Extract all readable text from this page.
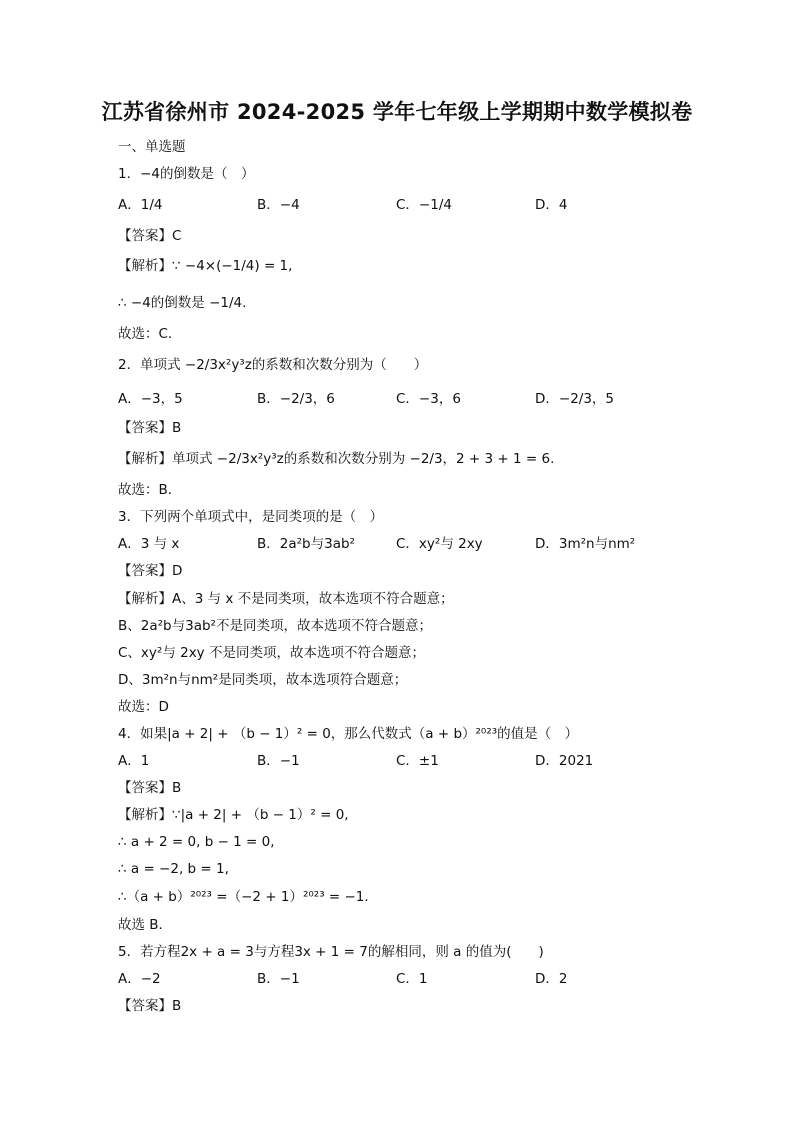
江苏省徐州市 2024-2025 学年七年级上学期期中数学模拟卷
一、单选题
1．−4的倒数是（　）
A．1/4	B．−4	C．−1/4	D．4
【答案】C
【解析】∵ −4×(−1/4) = 1,
∴ −4的倒数是 −1/4.
故选：C．
2．单项式 −2/3x²y³z的系数和次数分别为（　　）
A．−3，5	B．−2/3，6	C．−3，6	D．−2/3，5
【答案】B
【解析】单项式 −2/3x²y³z的系数和次数分别为 −2/3，2 + 3 + 1 = 6.
故选：B．
3．下列两个单项式中，是同类项的是（　）
A．3 与 x	B．2a²b与3ab²	C．xy²与 2xy	D．3m²n与nm²
【答案】D
【解析】A、3 与 x 不是同类项，故本选项不符合题意；
B、2a²b与3ab²不是同类项，故本选项不符合题意；
C、xy²与 2xy 不是同类项，故本选项不符合题意；
D、3m²n与nm²是同类项，故本选项符合题意；
故选：D
4．如果|a + 2| + （b − 1）² = 0，那么代数式（a + b）²⁰²³的值是（　）
A．1	B．−1	C．±1	D．2021
【答案】B
【解析】∵|a + 2| + （b − 1）² = 0,
∴ a + 2 = 0, b − 1 = 0,
∴ a = −2, b = 1,
∴（a + b）²⁰²³ =（−2 + 1）²⁰²³ = −1.
故选 B．
5．若方程2x + a = 3与方程3x + 1 = 7的解相同，则 a 的值为(　　)
A．−2	B．−1	C．1	D．2
【答案】B
